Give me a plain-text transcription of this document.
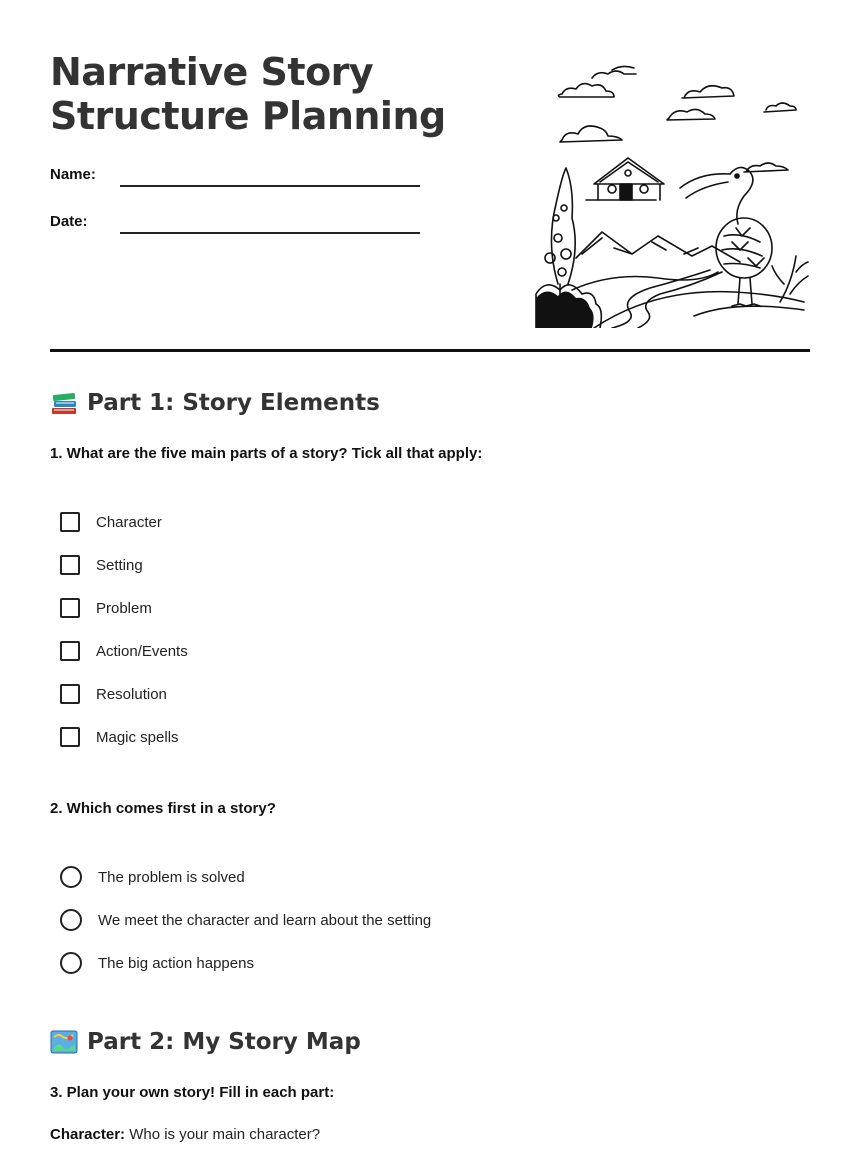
Narrative Story
Structure Planning
Name:
Date:
Part 1: Story Elements

1. What are the five main parts of a story? Tick all that apply:

Character
Setting
Problem
Action/Events
Resolution
Magic spells

2. Which comes first in a story?

The problem is solved
We meet the character and learn about the setting
The big action happens
Part 2: My Story Map

3. Plan your own story! Fill in each part:

Character: Who is your main character?
